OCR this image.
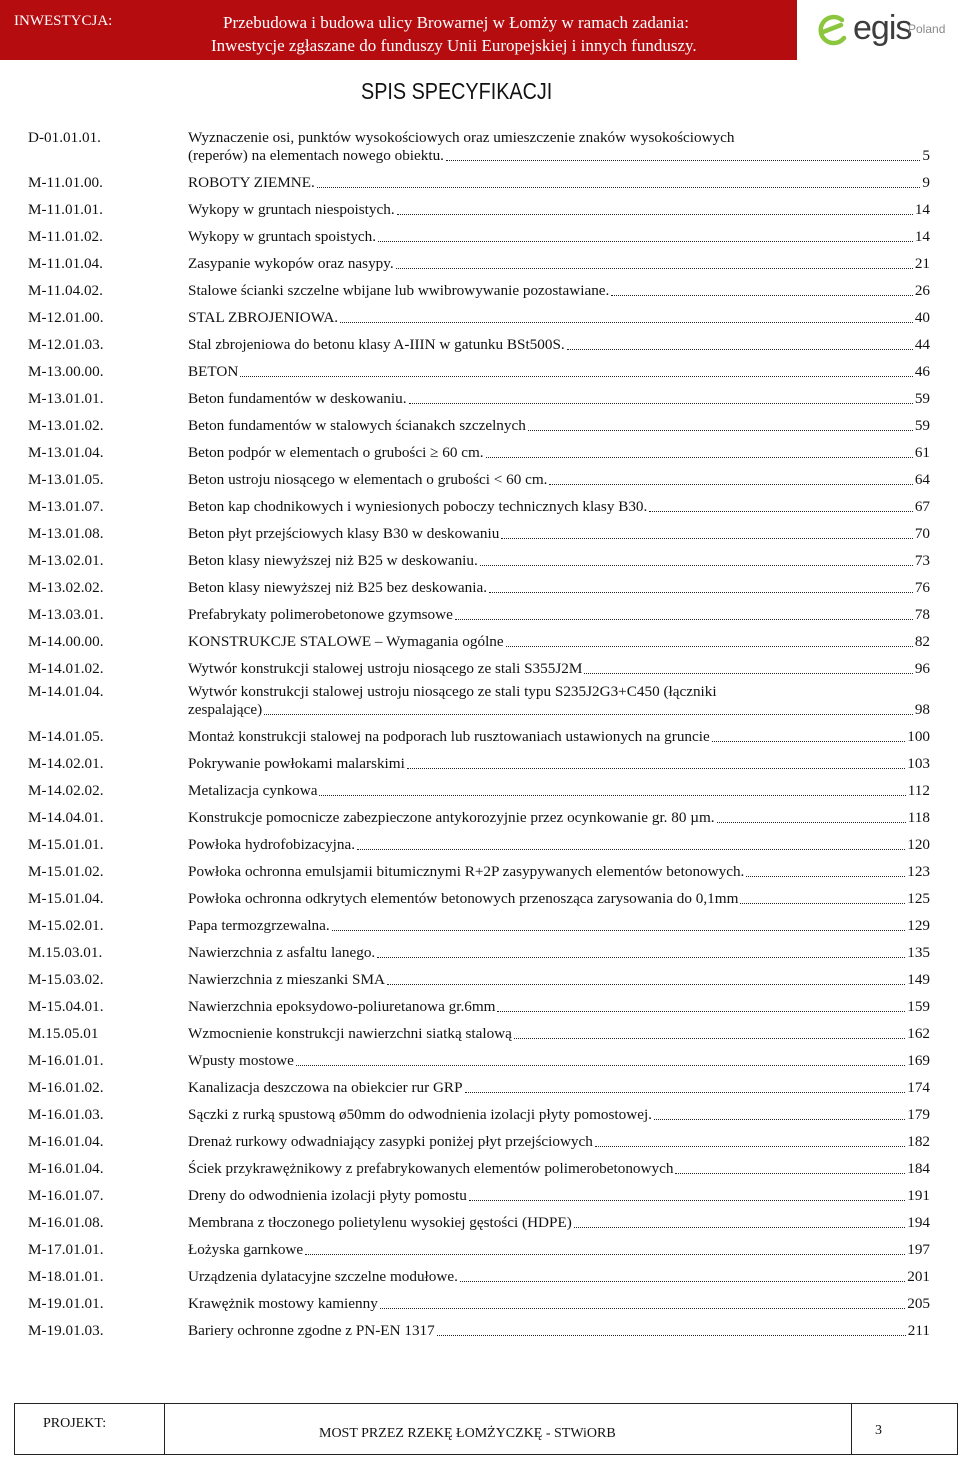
INWESTYCJA:	Przebudowa i budowa ulicy Browarnej w Łomży w ramach zadania:
Inwestycje zgłaszane do funduszy Unii Europejskiej i innych funduszy.	egis
Poland
SPIS SPECYFIKACJI
D-01.01.01.	Wyznaczenie osi, punktów wysokościowych oraz umieszczenie znaków wysokościowych
(reperów) na elementach nowego obiektu.	5
M-11.01.00.	ROBOTY ZIEMNE.	9
M-11.01.01.	Wykopy w gruntach niespoistych.	14
M-11.01.02.	Wykopy w gruntach spoistych.	14
M-11.01.04.	Zasypanie wykopów oraz nasypy.	21
M-11.04.02.	Stalowe ścianki szczelne wbijane lub wwibrowywanie pozostawiane.	26
M-12.01.00.	STAL ZBROJENIOWA.	40
M-12.01.03.	Stal zbrojeniowa do betonu klasy A-IIIN w gatunku BSt500S.	44
M-13.00.00.	BETON	46
M-13.01.01.	Beton fundamentów w deskowaniu.	59
M-13.01.02.	Beton fundamentów w stalowych ścianakch szczelnych	59
M-13.01.04.	Beton podpór w elementach o grubości ≥ 60 cm.	61
M-13.01.05.	Beton ustroju niosącego w elementach o grubości < 60 cm.	64
M-13.01.07.	Beton kap chodnikowych i wyniesionych poboczy technicznych klasy B30.	67
M-13.01.08.	Beton płyt przejściowych klasy B30 w deskowaniu	70
M-13.02.01.	Beton klasy niewyższej niż B25 w deskowaniu.	73
M-13.02.02.	Beton klasy niewyższej niż B25 bez deskowania.	76
M-13.03.01.	Prefabrykaty polimerobetonowe gzymsowe	78
M-14.00.00.	KONSTRUKCJE STALOWE – Wymagania ogólne	82
M-14.01.02.	Wytwór konstrukcji stalowej ustroju niosącego ze stali S355J2M	96
M-14.01.04.	Wytwór konstrukcji stalowej ustroju niosącego ze stali typu S235J2G3+C450 (łączniki
zespalające)	98
M-14.01.05.	Montaż konstrukcji stalowej na podporach lub rusztowaniach ustawionych na gruncie	100
M-14.02.01.	Pokrywanie powłokami malarskimi	103
M-14.02.02.	Metalizacja cynkowa	112
M-14.04.01.	Konstrukcje pomocnicze zabezpieczone antykorozyjnie przez ocynkowanie gr. 80 µm.	118
M-15.01.01.	Powłoka hydrofobizacyjna.	120
M-15.01.02.	Powłoka ochronna emulsjamii bitumicznymi R+2P zasypywanych elementów betonowych.	123
M-15.01.04.	Powłoka ochronna odkrytych elementów betonowych przenosząca zarysowania do 0,1mm	125
M-15.02.01.	Papa termozgrzewalna.	129
M.15.03.01.	Nawierzchnia z asfaltu lanego.	135
M-15.03.02.	Nawierzchnia z mieszanki SMA	149
M-15.04.01.	Nawierzchnia epoksydowo-poliuretanowa gr.6mm	159
M.15.05.01	Wzmocnienie konstrukcji nawierzchni siatką stalową	162
M-16.01.01.	Wpusty mostowe	169
M-16.01.02.	Kanalizacja deszczowa na obiekcier rur GRP	174
M-16.01.03.	Sączki z rurką spustową ø50mm do odwodnienia izolacji płyty pomostowej.	179
M-16.01.04.	Drenaż rurkowy odwadniający zasypki poniżej płyt przejściowych	182
M-16.01.04.	Ściek przykrawężnikowy z prefabrykowanych elementów polimerobetonowych	184
M-16.01.07.	Dreny do odwodnienia izolacji płyty pomostu	191
M-16.01.08.	Membrana z tłoczonego polietylenu wysokiej gęstości (HDPE)	194
M-17.01.01.	Łożyska garnkowe	197
M-18.01.01.	Urządzenia dylatacyjne szczelne modułowe.	201
M-19.01.01.	Krawężnik mostowy kamienny	205
M-19.01.03.	Bariery ochronne zgodne z PN-EN 1317	211
PROJEKT:
MOST PRZEZ RZEKĘ ŁOMŻYCZKĘ - STWiORB	3
